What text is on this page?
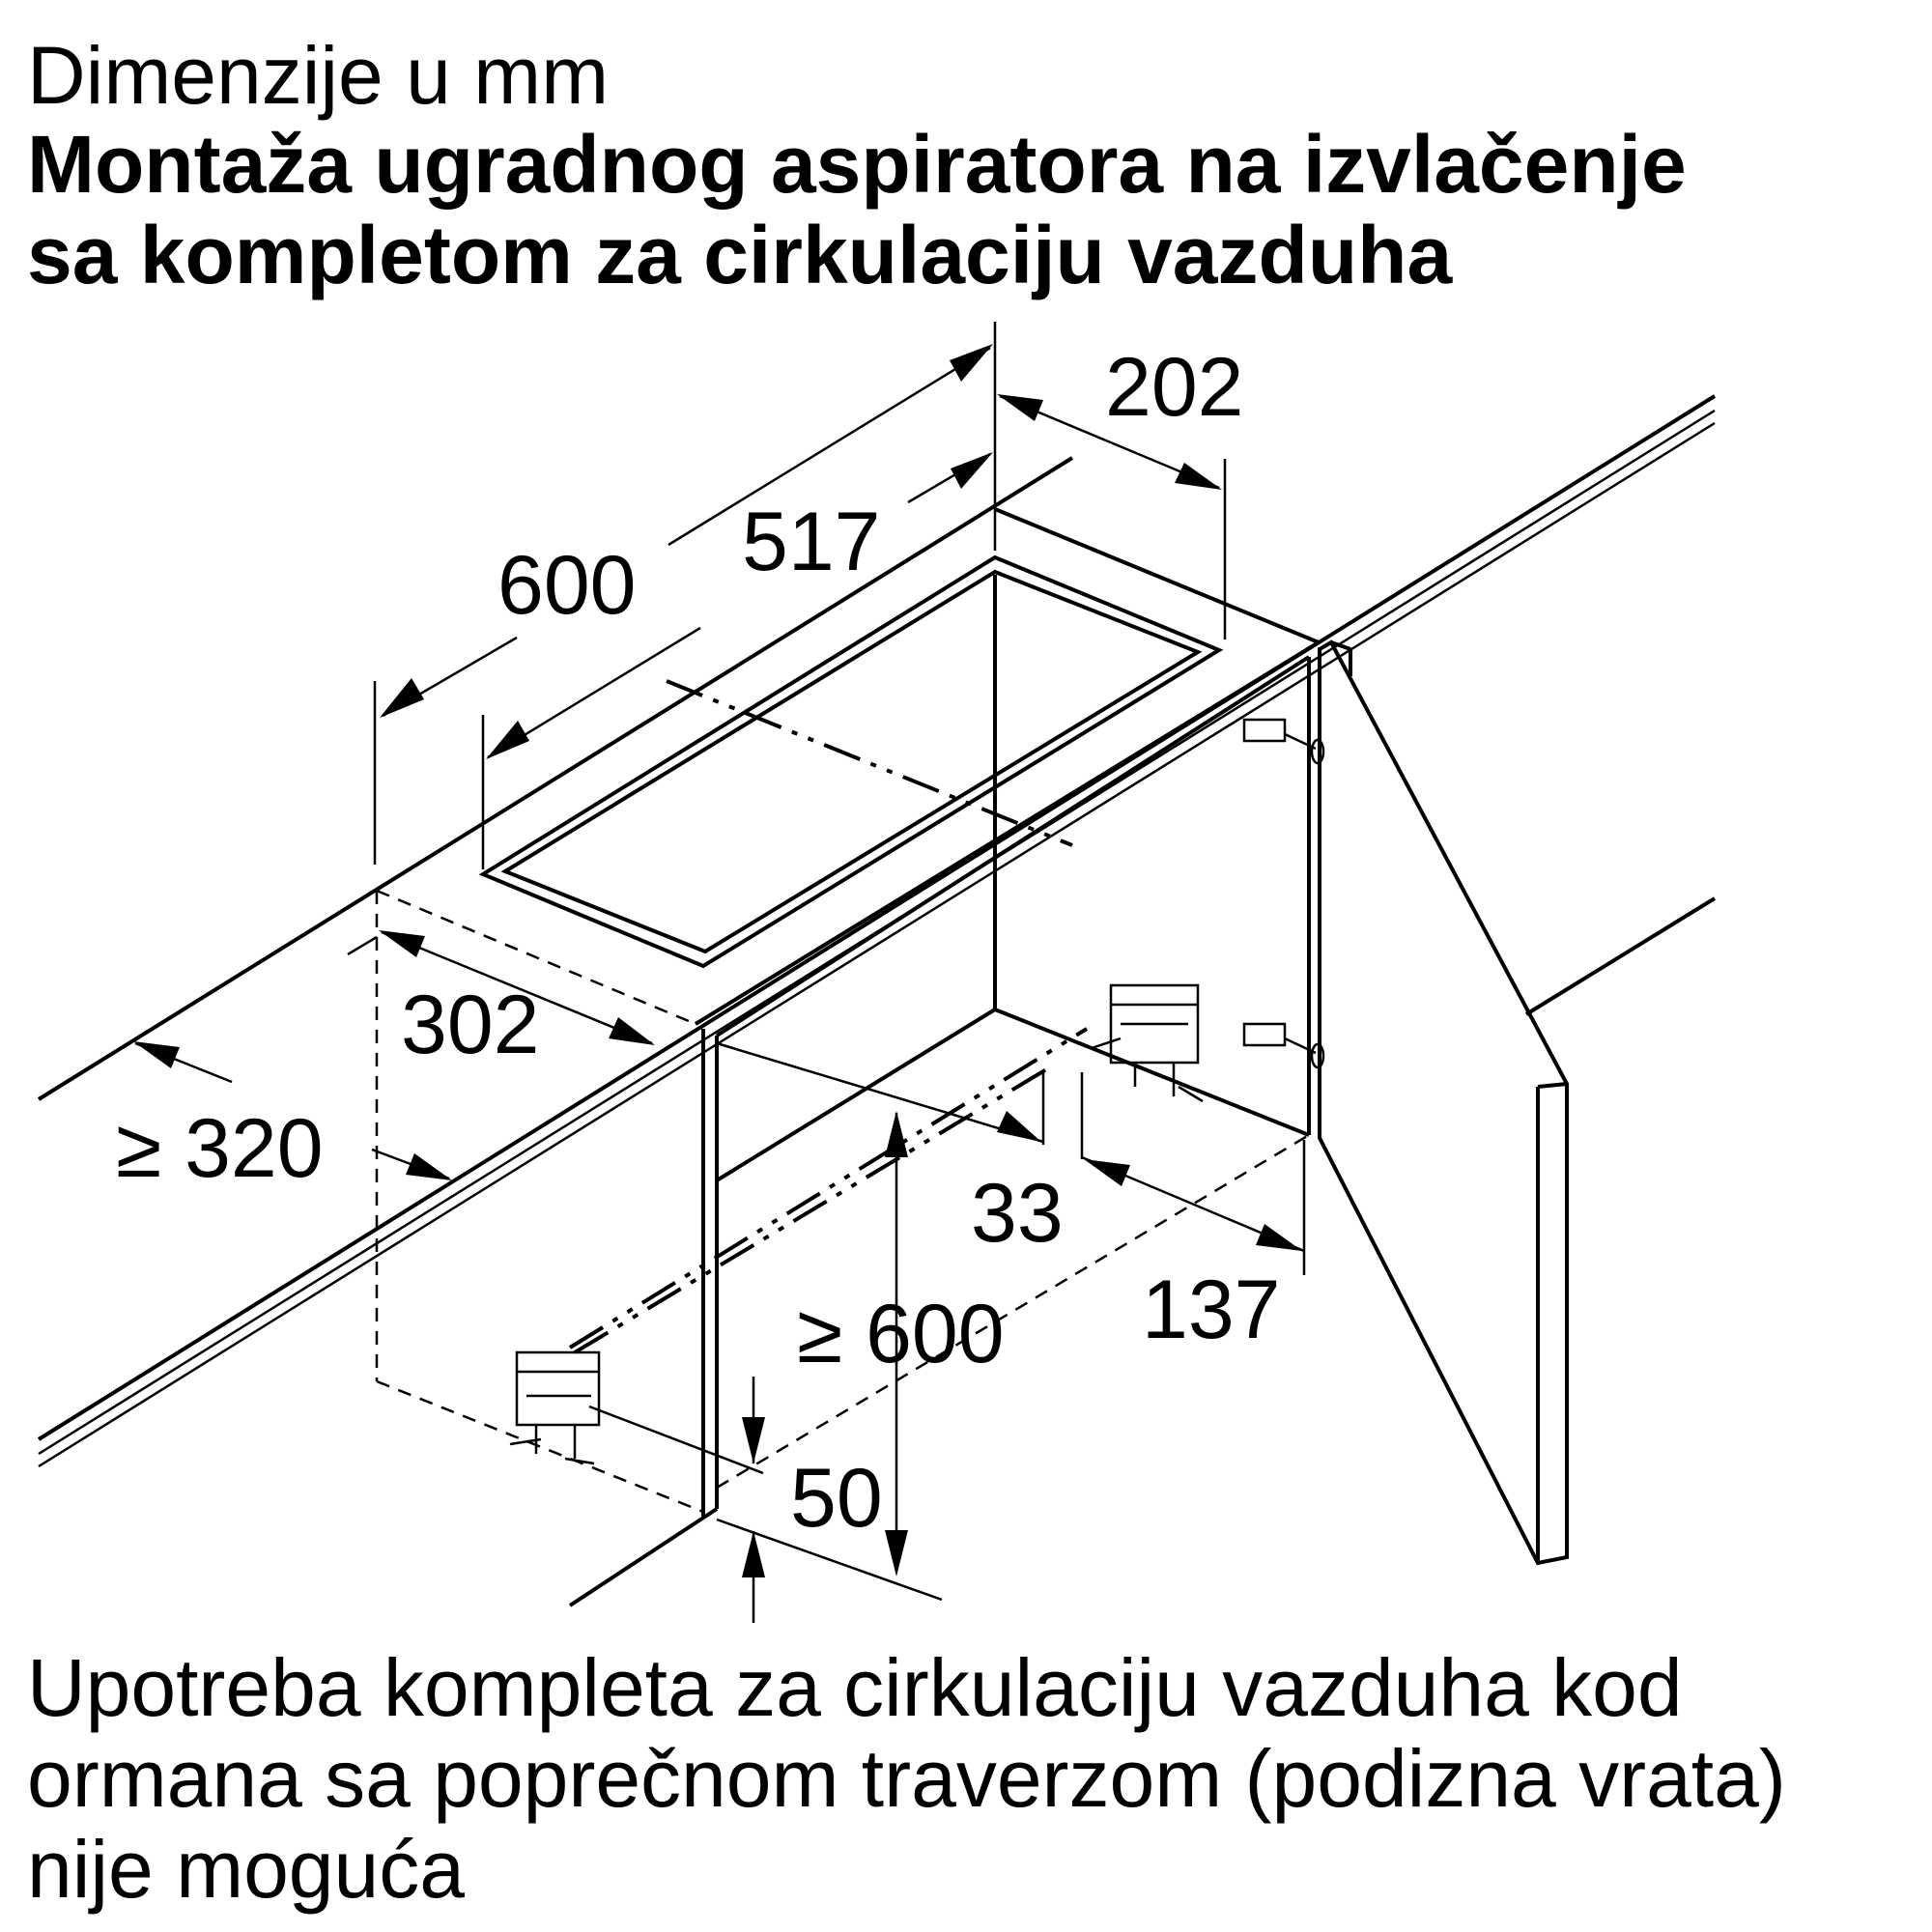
Dimenzije u mm
Montaža ugradnog aspiratora na izvlačenje
sa kompletom za cirkulaciju vazduha
202
517
600
302
≥ 320
33
137
≥ 600
50

Upotreba kompleta za cirkulaciju vazduha kod ormana sa poprečnom traverzom (podizna vrata) nije moguća
